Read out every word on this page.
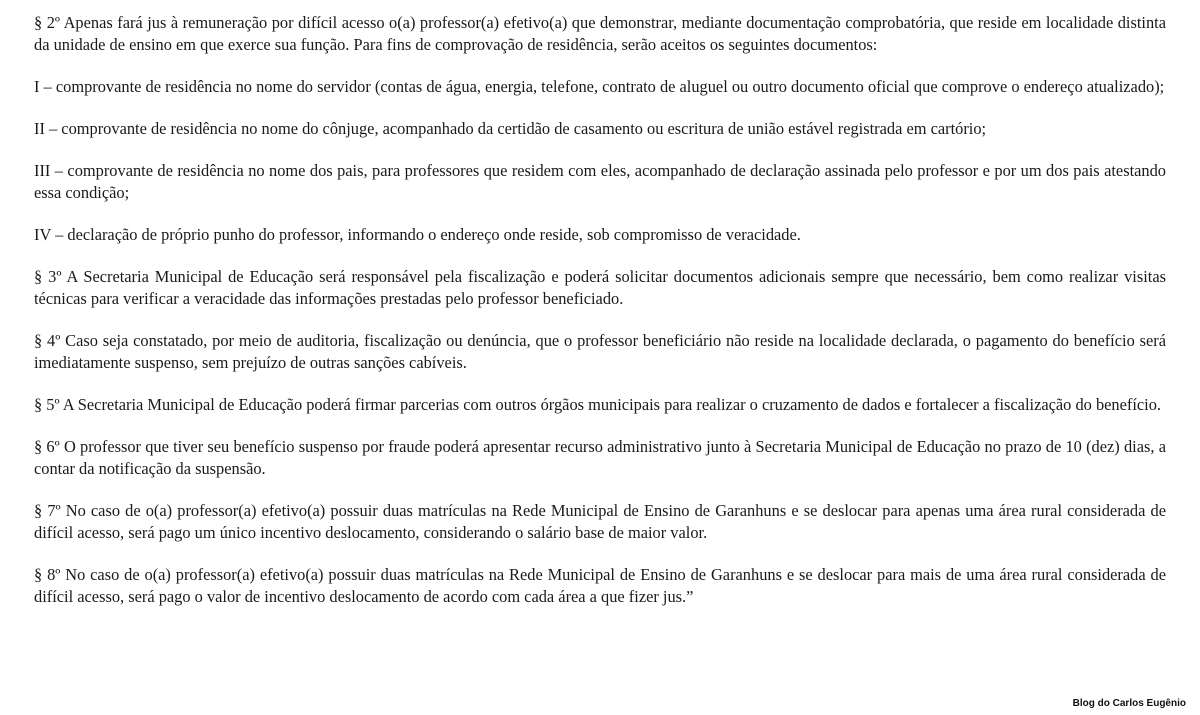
§ 2º Apenas fará jus à remuneração por difícil acesso o(a) professor(a) efetivo(a) que demonstrar, mediante documentação comprobatória, que reside em localidade distinta da unidade de ensino em que exerce sua função. Para fins de comprovação de residência, serão aceitos os seguintes documentos:

I – comprovante de residência no nome do servidor (contas de água, energia, telefone, contrato de aluguel ou outro documento oficial que comprove o endereço atualizado);

II – comprovante de residência no nome do cônjuge, acompanhado da certidão de casamento ou escritura de união estável registrada em cartório;

III – comprovante de residência no nome dos pais, para professores que residem com eles, acompanhado de declaração assinada pelo professor e por um dos pais atestando essa condição;

IV – declaração de próprio punho do professor, informando o endereço onde reside, sob compromisso de veracidade.

§ 3º A Secretaria Municipal de Educação será responsável pela fiscalização e poderá solicitar documentos adicionais sempre que necessário, bem como realizar visitas técnicas para verificar a veracidade das informações prestadas pelo professor beneficiado.

§ 4º Caso seja constatado, por meio de auditoria, fiscalização ou denúncia, que o professor beneficiário não reside na localidade declarada, o pagamento do benefício será imediatamente suspenso, sem prejuízo de outras sanções cabíveis.

§ 5º A Secretaria Municipal de Educação poderá firmar parcerias com outros órgãos municipais para realizar o cruzamento de dados e fortalecer a fiscalização do benefício.

§ 6º O professor que tiver seu benefício suspenso por fraude poderá apresentar recurso administrativo junto à Secretaria Municipal de Educação no prazo de 10 (dez) dias, a contar da notificação da suspensão.

§ 7º No caso de o(a) professor(a) efetivo(a) possuir duas matrículas na Rede Municipal de Ensino de Garanhuns e se deslocar para apenas uma área rural considerada de difícil acesso, será pago um único incentivo deslocamento, considerando o salário base de maior valor.

§ 8º No caso de o(a) professor(a) efetivo(a) possuir duas matrículas na Rede Municipal de Ensino de Garanhuns e se deslocar para mais de uma área rural considerada de difícil acesso, será pago o valor de incentivo deslocamento de acordo com cada área a que fizer jus.”

Blog do Carlos Eugênio
